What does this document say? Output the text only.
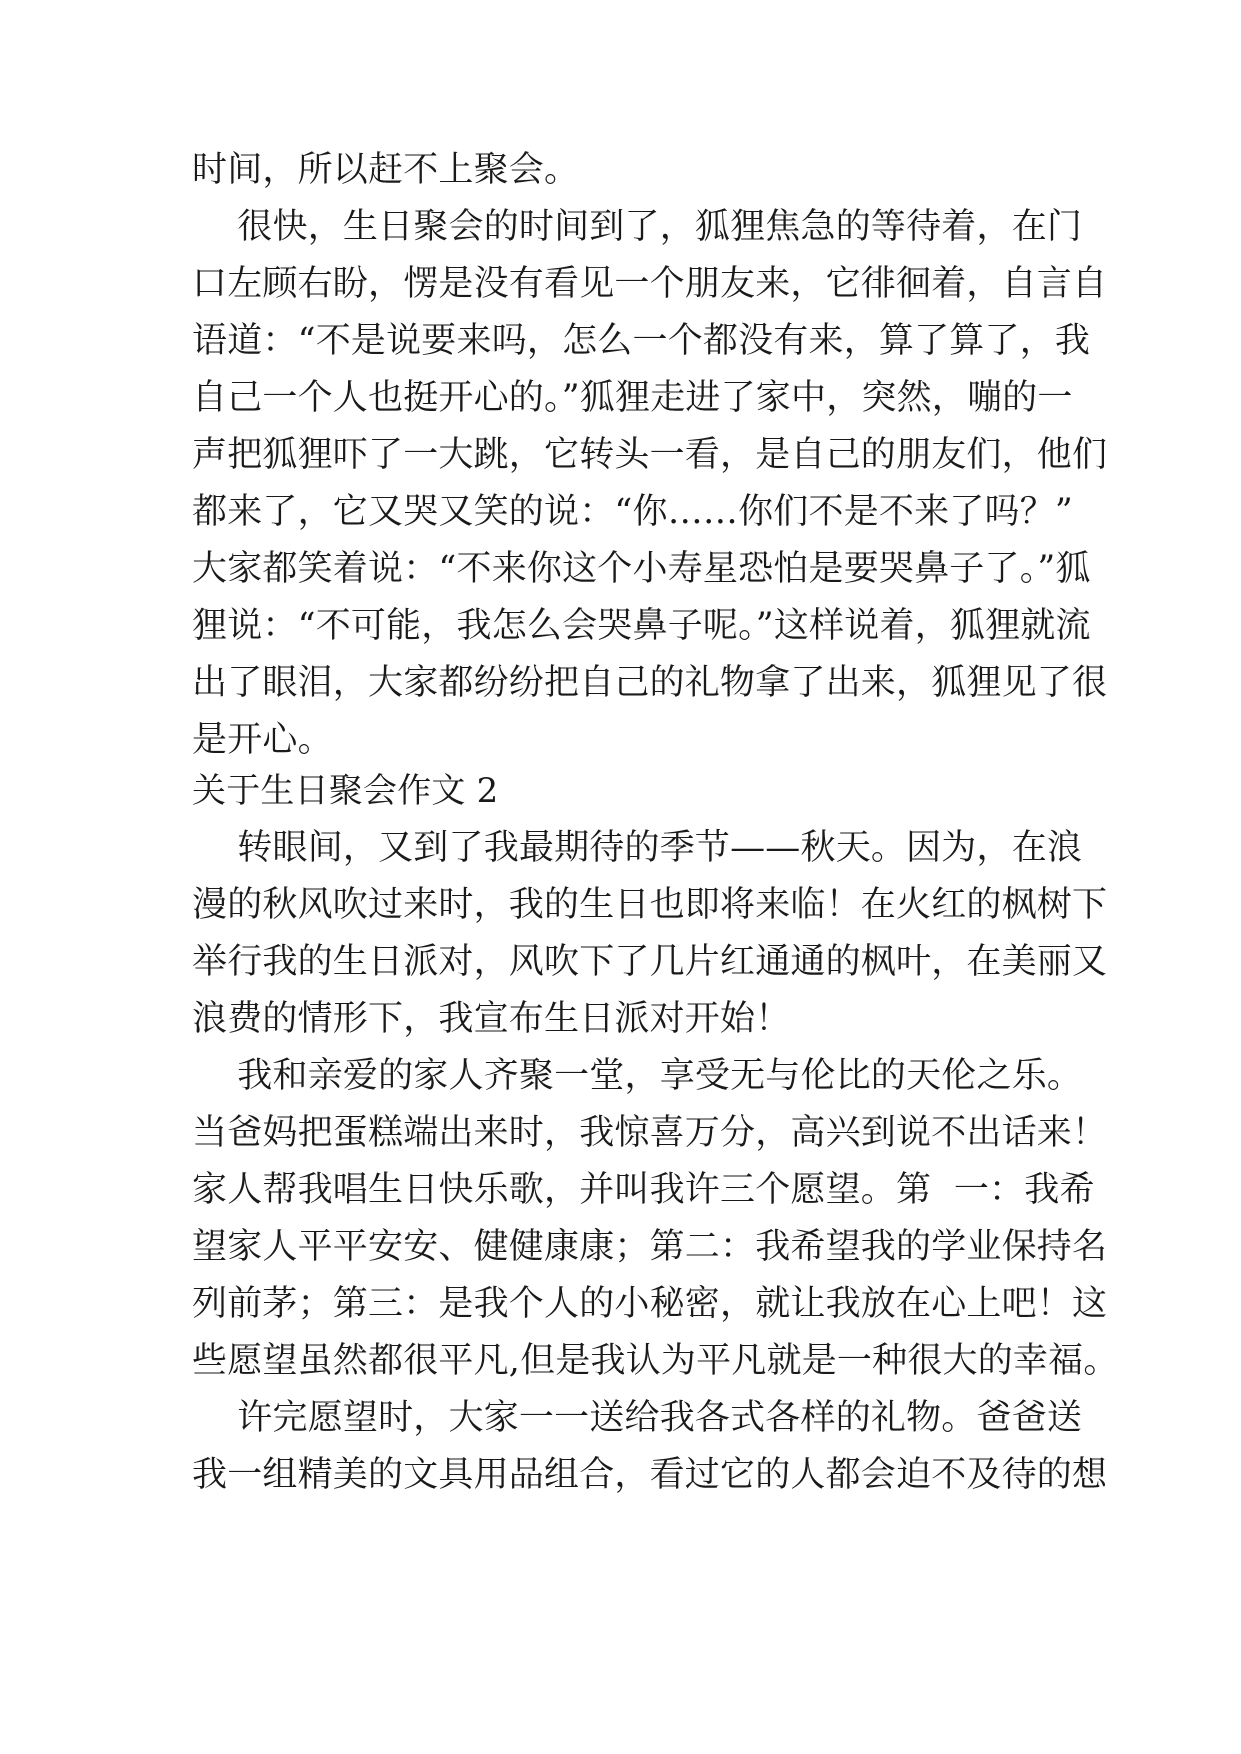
时间，所以赶不上聚会。
很快，生日聚会的时间到了，狐狸焦急的等待着，在门
口左顾右盼，愣是没有看见一个朋友来，它徘徊着，自言自
语道：“不是说要来吗，怎么一个都没有来，算了算了，我
自己一个人也挺开心的。”狐狸走进了家中，突然，嘣的一
声把狐狸吓了一大跳，它转头一看，是自己的朋友们，他们
都来了，它又哭又笑的说：“你……你们不是不来了吗？”
大家都笑着说：“不来你这个小寿星恐怕是要哭鼻子了。”狐
狸说：“不可能，我怎么会哭鼻子呢。”这样说着，狐狸就流
出了眼泪，大家都纷纷把自己的礼物拿了出来，狐狸见了很
是开心。
关于生日聚会作文 2
转眼间，又到了我最期待的季节——秋天。因为，在浪
漫的秋风吹过来时，我的生日也即将来临！在火红的枫树下
举行我的生日派对，风吹下了几片红通通的枫叶，在美丽又
浪费的情形下，我宣布生日派对开始！
我和亲爱的家人齐聚一堂，享受无与伦比的天伦之乐。
当爸妈把蛋糕端出来时，我惊喜万分，高兴到说不出话来！
家人帮我唱生日快乐歌，并叫我许三个愿望。第  一：我希
望家人平平安安、健健康康；第二：我希望我的学业保持名
列前茅；第三：是我个人的小秘密，就让我放在心上吧！这
些愿望虽然都很平凡,但是我认为平凡就是一种很大的幸福。
许完愿望时，大家一一送给我各式各样的礼物。爸爸送
我一组精美的文具用品组合，看过它的人都会迫不及待的想
